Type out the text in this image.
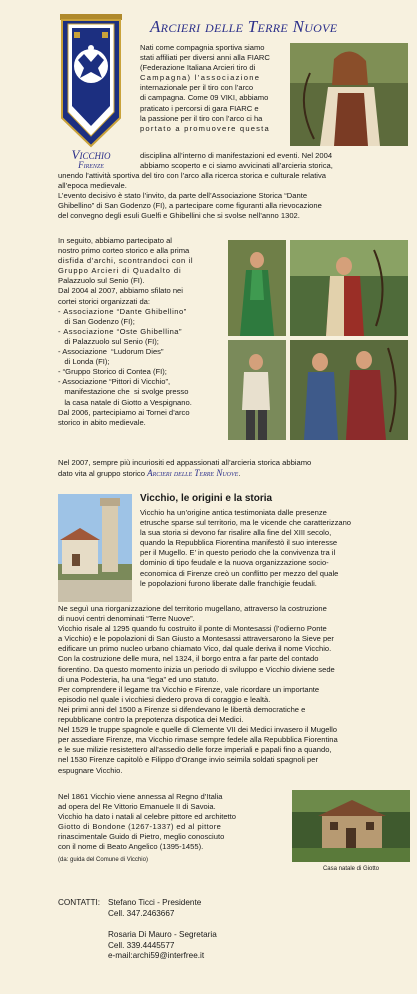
Vicchio
Firenze
Arcieri delle Terre Nuove

Nati come compagnia sportiva siamo

stati affiliati per diversi anni alla FIARC

(Federazione Italiana Arcieri tiro di

Campagna) l’associazione

internazionale per il tiro con l’arco

di campagna. Come 09 VIKI, abbiamo

praticato i percorsi di gara FIARC e

la passione per il tiro con l’arco ci ha

portato a promuovere questa

disciplina all’interno di manifestazioni ed eventi. Nel 2004

abbiamo scoperto e ci siamo avvicinati all’arcieria storica,

unendo l’attività sportiva del tiro con l’arco alla ricerca storica e culturale relativa

all’epoca medievale.

L’evento decisivo è stato l’invito, da parte dell’Associazione Storica “Dante

Ghibellino” di San Godenzo (FI), a partecipare come figuranti alla rievocazione

del convegno degli esuli Guelfi e Ghibellini che si svolse nell’anno 1302.

In seguito, abbiamo partecipato al

nostro primo corteo storico e alla prima

disfida d’archi, scontrandoci con il

Gruppo Arcieri di Quadalto di

Palazzuolo sul Senio (FI).

Dal 2004 al 2007, abbiamo sfilato nei

cortei storici organizzati da:

- Associazione “Dante Ghibellino”

di San Godenzo (FI);

- Associazione “Oste Ghibellina”

di Palazzuolo sul Senio (FI);

- Associazione  “Ludorum Dies”

di Londa (FI);

- “Gruppo Storico di Contea (FI);

- Associazione “Pittori di Vicchio”,

manifestazione che  si svolge presso

la casa natale di Giotto a Vespignano.

Dal 2006, partecipiamo ai Tornei d’arco

storico in abito medievale.

Nel 2007, sempre più incuriositi ed appassionati all’arcieria storica abbiamo

dato vita al gruppo storico Arcieri delle Terre Nuove.

Vicchio, le origini e la storia

Vicchio ha un’origine antica testimoniata dalle presenze

etrusche sparse sul territorio, ma le vicende che caratterizzano

la sua storia si devono far risalire alla fine del XIII secolo,

quando la Repubblica Fiorentina manifestò il suo interesse

per il Mugello. E’ in questo periodo che la convivenza tra il

dominio di tipo feudale e la nuova organizzazione socio-

economica di Firenze creò un conflitto per mezzo del quale

le popolazioni furono liberate dalle franchigie feudali.

Ne seguì una riorganizzazione del territorio mugellano, attraverso la costruzione

di nuovi centri denominati “Terre Nuove”.

Vicchio risale al 1295 quando fu costruito il ponte di Montesassi (l’odierno Ponte

a Vicchio) e le popolazioni di San Giusto a Montesassi attraversarono la Sieve per

edificare un primo nucleo urbano chiamato Vico, dal quale deriva il nome Vicchio.

Con la costruzione delle mura, nel 1324, il borgo entra a far parte del contado

fiorentino. Da questo momento inizia un periodo di sviluppo e Vicchio diviene sede

di una Podesteria, ha una “lega” ed uno statuto.

Per comprendere il legame tra Vicchio e Firenze, vale ricordare un importante

episodio nel quale i vicchiesi diedero prova di coraggio e lealtà.

Nei primi anni del 1500 a Firenze si difendevano le libertà democratiche e

repubblicane contro la prepotenza dispotica dei Medici.

Nel 1529 le truppe spagnole e quelle di Clemente VII dei Medici invasero il Mugello

per assediare Firenze, ma Vicchio rimase sempre fedele alla Repubblica Fiorentina

e le sue milizie resistettero all’assedio delle forze imperiali e papali fino a quando,

nel 1530 Firenze capitolò e Filippo d’Orange invio seimila soldati spagnoli per

espugnare Vicchio.

Nel 1861 Vicchio viene annessa al Regno d’Italia

ad opera del Re Vittorio Emanuele II di Savoia.

Vicchio ha dato i natali al celebre pittore ed architetto

Giotto di Bondone (1267-1337) ed al pittore

rinascimentale Guido di Pietro, meglio conosciuto

con il nome di Beato Angelico (1395-1455).

(da: guida del Comune di Vicchio)

Casa natale di Giotto
CONTATTI: Stefano Ticci - Presidente

Cell. 347.2463667

Rosaria Di Mauro - Segretaria

Cell. 339.4445577

e-mail:archi59@interfree.it
